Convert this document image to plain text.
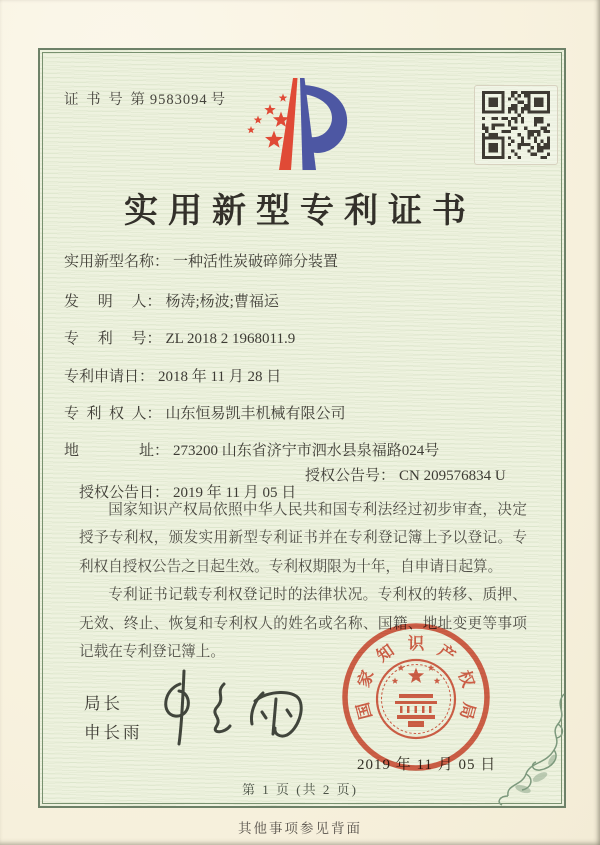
证 书 号 第 9583094 号
实用新型专利证书
实用新型名称： 一种活性炭破碎筛分装置
发　 明　 人： 杨涛;杨波;曹福运
专　 利　 号： ZL 2018 2 1968011.9
专利申请日： 2018 年 11 月 28 日
专  利  权  人： 山东恒易凯丰机械有限公司
地　　　　址： 273200 山东省济宁市泗水县泉福路024号

授权公告日： 2019 年 11 月 05 日

授权公告号： CN 209576834 U

国家知识产权局依照中华人民共和国专利法经过初步审查，决定授予专利权，颁发实用新型专利证书并在专利登记簿上予以登记。专利权自授权公告之日起生效。专利权期限为十年，自申请日起算。

专利证书记载专利权登记时的法律状况。专利权的转移、质押、无效、终止、恢复和专利权人的姓名或名称、国籍、地址变更等事项记载在专利登记簿上。

局长
申长雨
国
家
知 识 产
权
局
2019 年 11 月 05 日
第 1 页 (共 2 页)
其他事项参见背面
